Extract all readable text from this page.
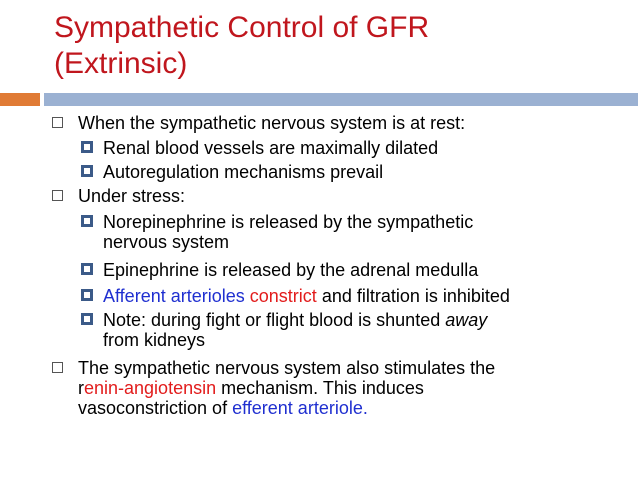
Sympathetic Control of GFR
(Extrinsic)
When the sympathetic nervous system is at rest:
Renal blood vessels are maximally dilated
Autoregulation mechanisms prevail
Under stress:
Norepinephrine is released by the sympathetic
nervous system
Epinephrine is released by the adrenal medulla
Afferent arterioles constrict and filtration is inhibited
Note: during fight or flight blood is shunted away
from kidneys
The sympathetic nervous system also stimulates the
renin-angiotensin mechanism. This induces
vasoconstriction of efferent arteriole.
